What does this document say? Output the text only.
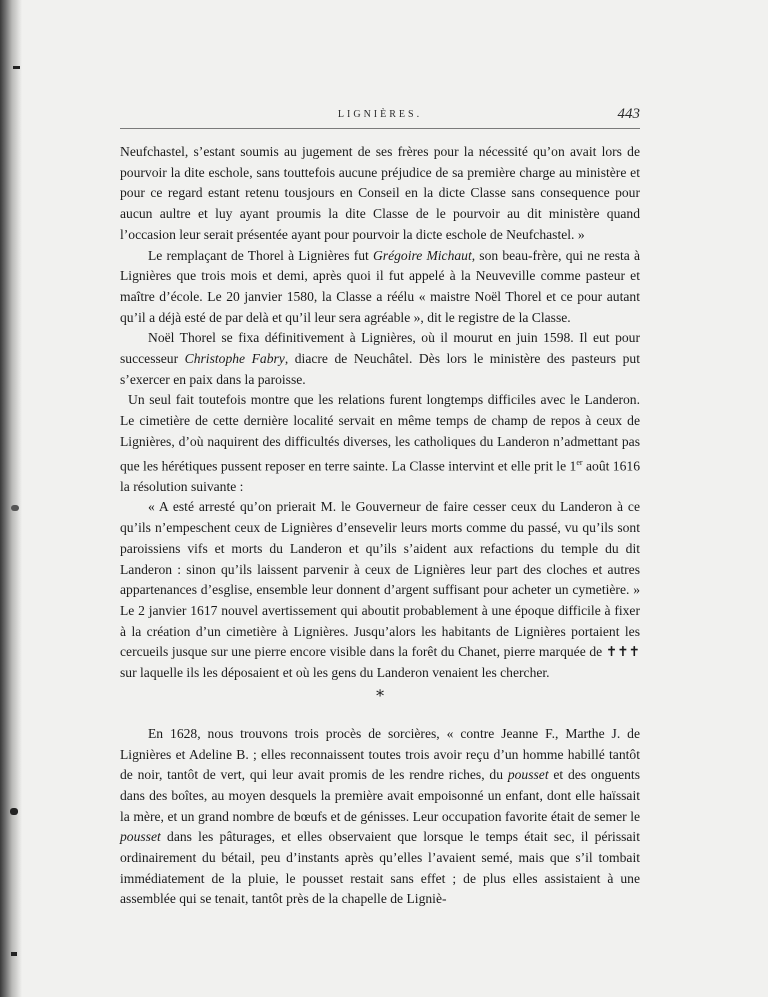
LIGNIÈRES.	443

Neufchastel, s’estant soumis au jugement de ses frères pour la nécessité qu’on avait lors de pourvoir la dite eschole, sans touttefois aucune préjudice de sa première charge au ministère et pour ce regard estant retenu tousjours en Conseil en la dicte Classe sans consequence pour aucun aultre et luy ayant proumis la dite Classe de le pourvoir au dit ministère quand l’occasion leur serait présentée ayant pour pourvoir la dicte eschole de Neufchastel. »

Le remplaçant de Thorel à Lignières fut Grégoire Michaut, son beau-frère, qui ne resta à Lignières que trois mois et demi, après quoi il fut appelé à la Neuveville comme pasteur et maître d’école. Le 20 janvier 1580, la Classe a réélu « maistre Noël Thorel et ce pour autant qu’il a déjà esté de par delà et qu’il leur sera agréable », dit le registre de la Classe.

Noël Thorel se fixa définitivement à Lignières, où il mourut en juin 1598. Il eut pour successeur Christophe Fabry, diacre de Neuchâtel. Dès lors le ministère des pasteurs put s’exercer en paix dans la paroisse.

Un seul fait toutefois montre que les relations furent longtemps difficiles avec le Landeron. Le cimetière de cette dernière localité servait en même temps de champ de repos à ceux de Lignières, d’où naquirent des difficultés diverses, les catholiques du Landeron n’admettant pas que les hérétiques pussent reposer en terre sainte. La Classe intervint et elle prit le 1er août 1616 la résolution suivante :

« A esté arresté qu’on prierait M. le Gouverneur de faire cesser ceux du Landeron à ce qu’ils n’empeschent ceux de Lignières d’ensevelir leurs morts comme du passé, vu qu’ils sont paroissiens vifs et morts du Landeron et qu’ils s’aident aux refactions du temple du dit Landeron : sinon qu’ils laissent parvenir à ceux de Lignières leur part des cloches et autres appartenances d’esglise, ensemble leur donnent d’argent suffisant pour acheter un cymetière. » Le 2 janvier 1617 nouvel avertissement qui aboutit probablement à une époque difficile à fixer à la création d’un cimetière à Lignières. Jusqu’alors les habitants de Lignières portaient les cercueils jusque sur une pierre encore visible dans la forêt du Chanet, pierre marquée de ✝✝✝ sur laquelle ils les déposaient et où les gens du Landeron venaient les chercher.

∗

En 1628, nous trouvons trois procès de sorcières, « contre Jeanne F., Marthe J. de Lignières et Adeline B. ; elles reconnaissent toutes trois avoir reçu d’un homme habillé tantôt de noir, tantôt de vert, qui leur avait promis de les rendre riches, du pousset et des onguents dans des boîtes, au moyen desquels la première avait empoisonné un enfant, dont elle haïssait la mère, et un grand nombre de bœufs et de génisses. Leur occupation favorite était de semer le pousset dans les pâturages, et elles observaient que lorsque le temps était sec, il périssait ordinairement du bétail, peu d’instants après qu’elles l’avaient semé, mais que s’il tombait immédiatement de la pluie, le pousset restait sans effet ; de plus elles assistaient à une assemblée qui se tenait, tantôt près de la chapelle de Ligniè-
